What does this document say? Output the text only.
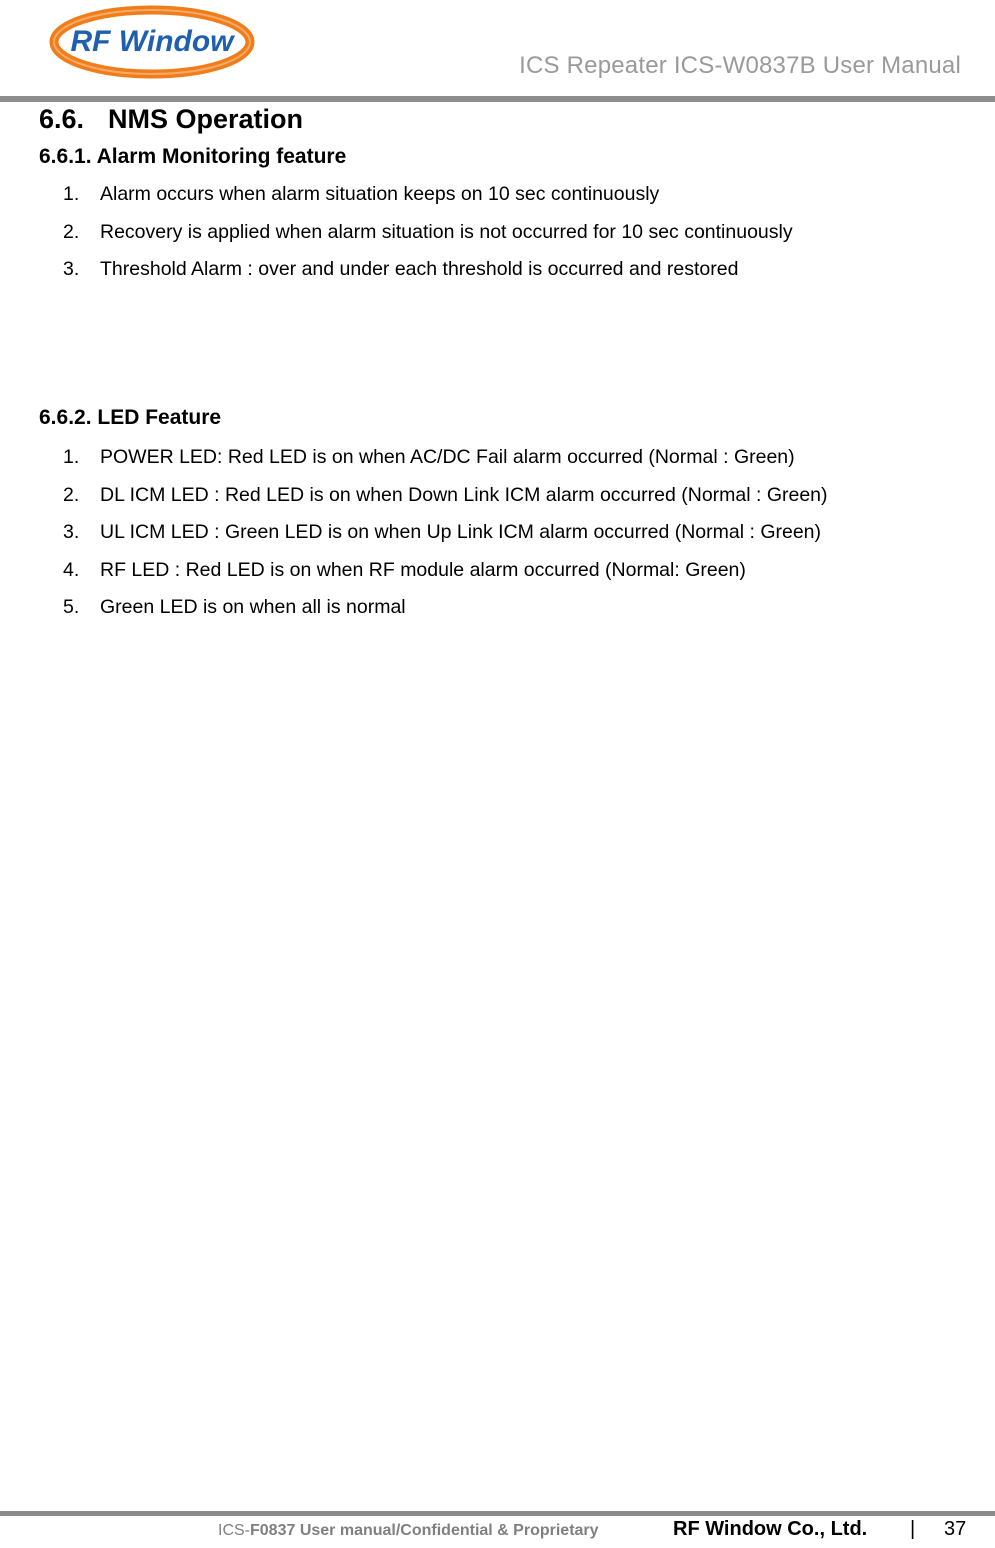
RF Window
ICS Repeater ICS-W0837B User Manual
6.6. NMS Operation
6.6.1. Alarm Monitoring feature
1. Alarm occurs when alarm situation keeps on 10 sec continuously
2. Recovery is applied when alarm situation is not occurred for 10 sec continuously
3. Threshold Alarm : over and under each threshold is occurred and restored
6.6.2. LED Feature
1. POWER LED: Red LED is on when AC/DC Fail alarm occurred (Normal : Green)
2. DL ICM LED : Red LED is on when Down Link ICM alarm occurred (Normal : Green)
3. UL ICM LED : Green LED is on when Up Link ICM alarm occurred (Normal : Green)
4. RF LED : Red LED is on when RF module alarm occurred (Normal: Green)
5. Green LED is on when all is normal
ICS-F0837 User manual/Confidential & Proprietary	RF Window Co., Ltd. | 37
